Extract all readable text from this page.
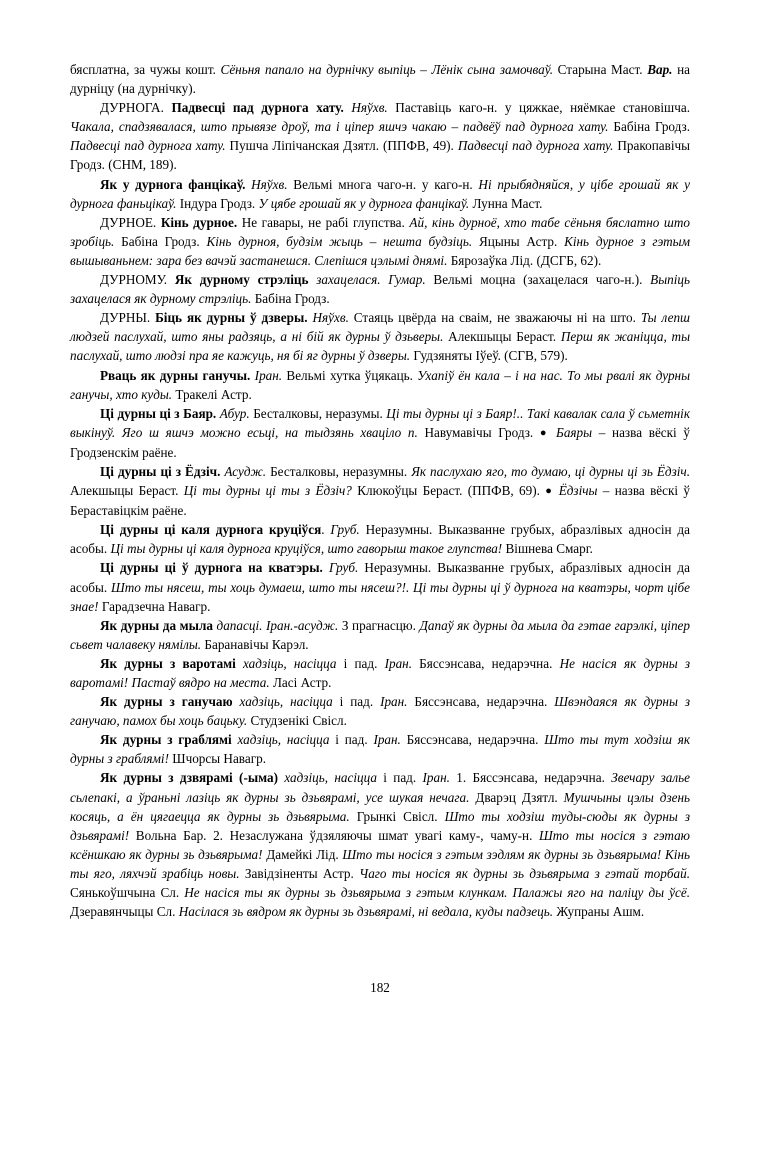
бясплатна, за чужы кошт. Сёньня папало на дурнічку выпіць – Лёнік сына замочваў. Старына Маст. Вар. на дурніцу (на дурнічку).

ДУРНОГА. Падвесці пад дурнога хату. Няўхв. Паставіць каго-н. у цяжкае, няёмкае становішча. Чакала, спадзявалася, што прывязе дроў, та і ціпер яшчэ чакаю – падвёў пад дурнога хату. Бабіна Гродз. Падвесці пад дурнога хату. Пушча Ліпічанская Дзятл. (ППФВ, 49). Падвесці пад дурнога хату. Пракопавічы Гродз. (СНМ, 189).

Як у дурнога фанцікаў. Няўхв. Вельмі многа чаго-н. у каго-н. Ні прыбядняйся, у цібе грошай як у дурнога фаньцікаў. Індура Гродз. У цябе грошай як у дурнога фанцікаў. Лунна Маст.

ДУРНОЕ. Кінь дурное. Не гавары, не рабі глупства. Ай, кінь дурноё, хто табе сёньня бяслатно што зробіць. Бабіна Гродз. Кінь дурноя, будзім жыць – нешта будзіць. Яцыны Астр. Кінь дурное з гэтым вышываньнем: зара без вачэй застанешся. Слепішся цэлымі днямі. Бярозаўка Лід. (ДСГБ, 62).

ДУРНОМУ. Як дурному стрэліць захацелася. Гумар. Вельмі моцна (захацелася чаго-н.). Выпіць захацелася як дурному стрэліць. Бабіна Гродз.

ДУРНЫ. Біць як дурны ў дзверы. Няўхв. Стаяць цвёрда на сваім, не зважаючы ні на што. Ты лепш людзей паслухай, што яны радзяць, а ні бій як дурны ў дзьверы. Алекшыцы Бераст. Перш як жаніцца, ты паслухай, што людзі пра яе кажуць, ня бі яг дурны ў дзверы. Гудзяняты Іўеў. (СГВ, 579).

Рваць як дурны ганучы. Іран. Вельмі хутка ўцякаць. Ухапіў ён кала – і на нас. То мы рвалі як дурны ганучы, хто куды. Тракелі Астр.

Ці дурны ці з Баяр. Абур. Бесталковы, неразумы. Ці ты дурны ці з Баяр!.. Такі кавалак сала ў сьметнік выкінуў. Яго ш яшчэ можно есьці, на тыдзянь хваціло п. Навумавічы Гродз. ● Баяры – назва вёскі ў Гродзенскім раёне.

Ці дурны ці з Ёдзіч. Асудж. Бесталковы, неразумны. Як паслухаю яго, то думаю, ці дурны ці зь Ёдзіч. Алекшыцы Бераст. Ці ты дурны ці ты з Ёдзіч? Клюкоўцы Бераст. (ППФВ, 69). ● Ёдзічы – назва вёскі ў Бераставіцкім раёне.

Ці дурны ці каля дурнога круціўся. Груб. Неразумны. Выказванне грубых, абразлівых адносін да асобы. Ці ты дурны ці каля дурнога круціўся, што гаворыш такое глупства! Вішнева Смарг.

Ці дурны ці ў дурнога на кватэры. Груб. Неразумны. Выказванне грубых, абразлівых адносін да асобы. Што ты нясеш, ты хоць думаеш, што ты нясеш?!. Ці ты дурны ці ў дурнога на кватэры, чорт цібе знае! Гарадзечна Навагр.

Як дурны да мыла дапасці. Іран.-асудж. З прагнасцю. Дапаў як дурны да мыла да гэтае гарэлкі, ціпер сьвет чалавеку нямілы. Баранавічы Карэл.

Як дурны з варотамі хадзіць, насіцца і пад. Іран. Бяссэнсава, недарэчна. Не насіся як дурны з варотамі! Пастаў вядро на места. Ласі Астр.

Як дурны з ганучаю хадзіць, насіцца і пад. Іран. Бяссэнсава, недарэчна. Швэндаяся як дурны з ганучаю, памох бы хоць бацьку. Студзенікі Свісл.

Як дурны з граблямі хадзіць, насіцца і пад. Іран. Бяссэнсава, недарэчна. Што ты тут ходзіш як дурны з граблямі! Шчорсы Навагр.

Як дурны з дзвярамі (-ыма) хадзіць, насіцца і пад. Іран. 1. Бяссэнсава, недарэчна. Звечару залье сьлепакі, а ўраньні лазіць як дурны зь дзьвярамі, усе шукая нечага. Дварэц Дзятл. Мушчыны цэлы дзень косяць, а ён цягаецца як дурны зь дзьвярыма. Грынкі Свісл. Што ты ходзіш туды-сюды як дурны з дзьвярамі! Вольна Бар. 2. Незаслужана ўдзяляючы шмат увагі каму-, чаму-н. Што ты носіся з гэтаю ксёншкаю як дурны зь дзьвярыма! Дамейкі Лід. Што ты носіся з гэтым зэдлям як дурны зь дзьвярыма! Кінь ты яго, ляхчэй зрабіць новы. Завідзіненты Астр. Чаго ты носіся як дурны зь дзьвярыма з гэтай торбай. Сянькоўшчына Сл. Не насіся ты як дурны зь дзьвярыма з гэтым клункам. Палажы яго на паліцу ды ўсё. Дзеравянчыцы Сл. Насілася зь вядром як дурны зь дзьвярамі, ні ведала, куды падзець. Жупраны Ашм.

182
